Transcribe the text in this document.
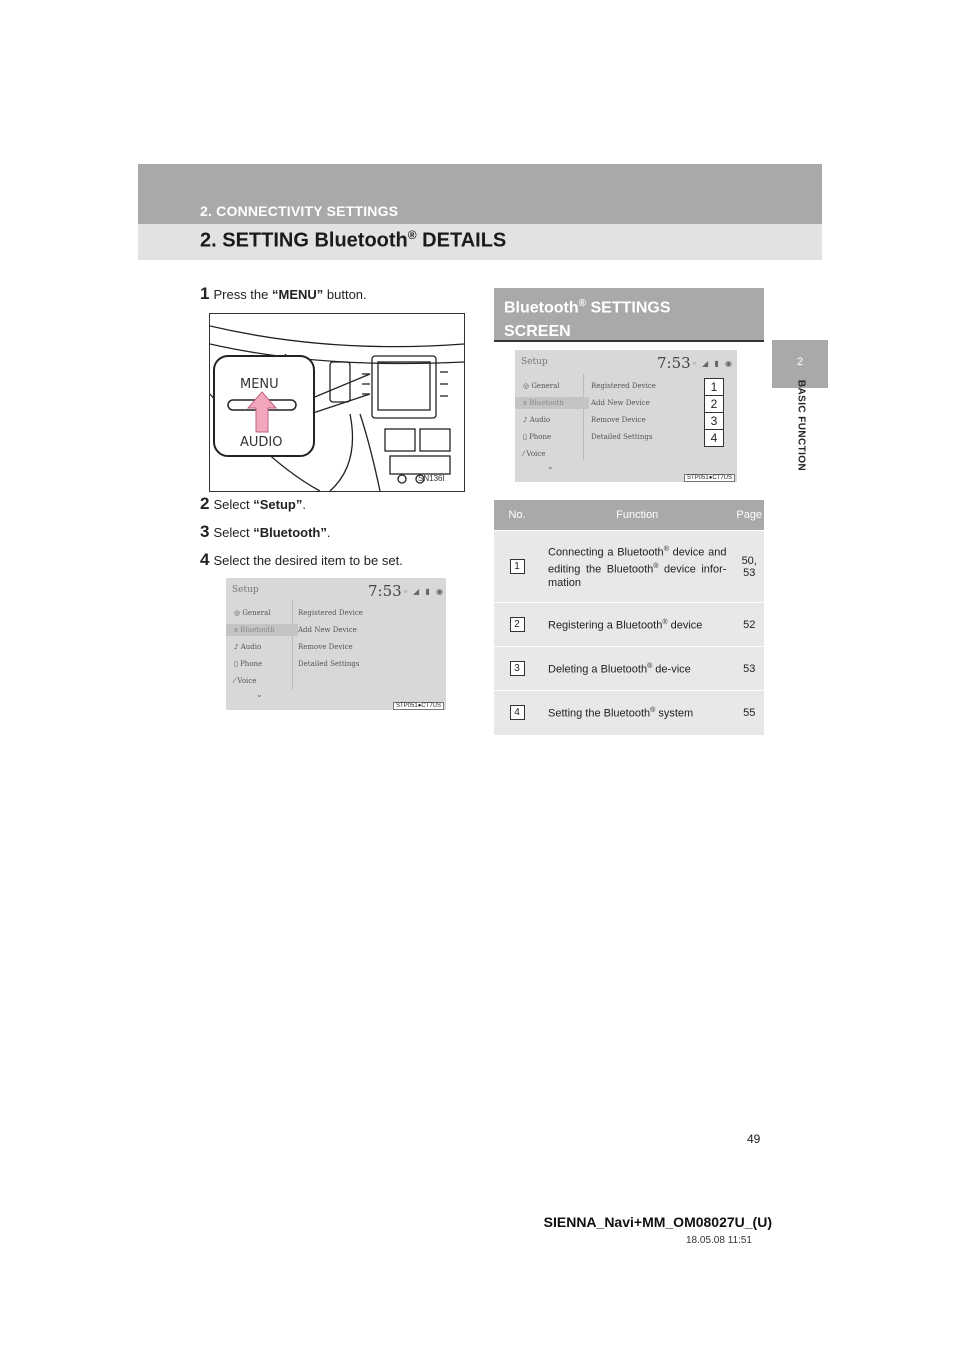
2. CONNECTIVITY SETTINGS
2. SETTING Bluetooth® DETAILS
2
BASIC FUNCTION
1 Press the “MENU” button.
MENU
AUDIO
SN136I
2 Select “Setup”.
3 Select “Bluetooth”.
4 Select the desired item to be set.
Setup	7:53 ▫ ◢ ▮ ◉
◎ General
ʙ Bluetooth
♪ Audio
▯ Phone
⁄ Voice
Registered Device
Add New Device
Remove Device
Detailed Settings
⌄
STP051●CT7US
Bluetooth® SETTINGS
SCREEN
Setup	7:53 ▫ ◢ ▮ ◉
◎ General
ʙ Bluetooth
♪ Audio
▯ Phone
⁄ Voice
Registered Device
Add New Device
Remove Device
Detailed Settings
⌄
1
2
3
4
STP051●CT7US
No.	Function	Page
1	Connecting a Bluetooth® device and editing the Bluetooth® device infor-mation	50, 53
2	Registering a Bluetooth® device	52
3	Deleting a Bluetooth® de-vice	53
4	Setting the Bluetooth® system	55
49
SIENNA_Navi+MM_OM08027U_(U)
18.05.08 11:51
